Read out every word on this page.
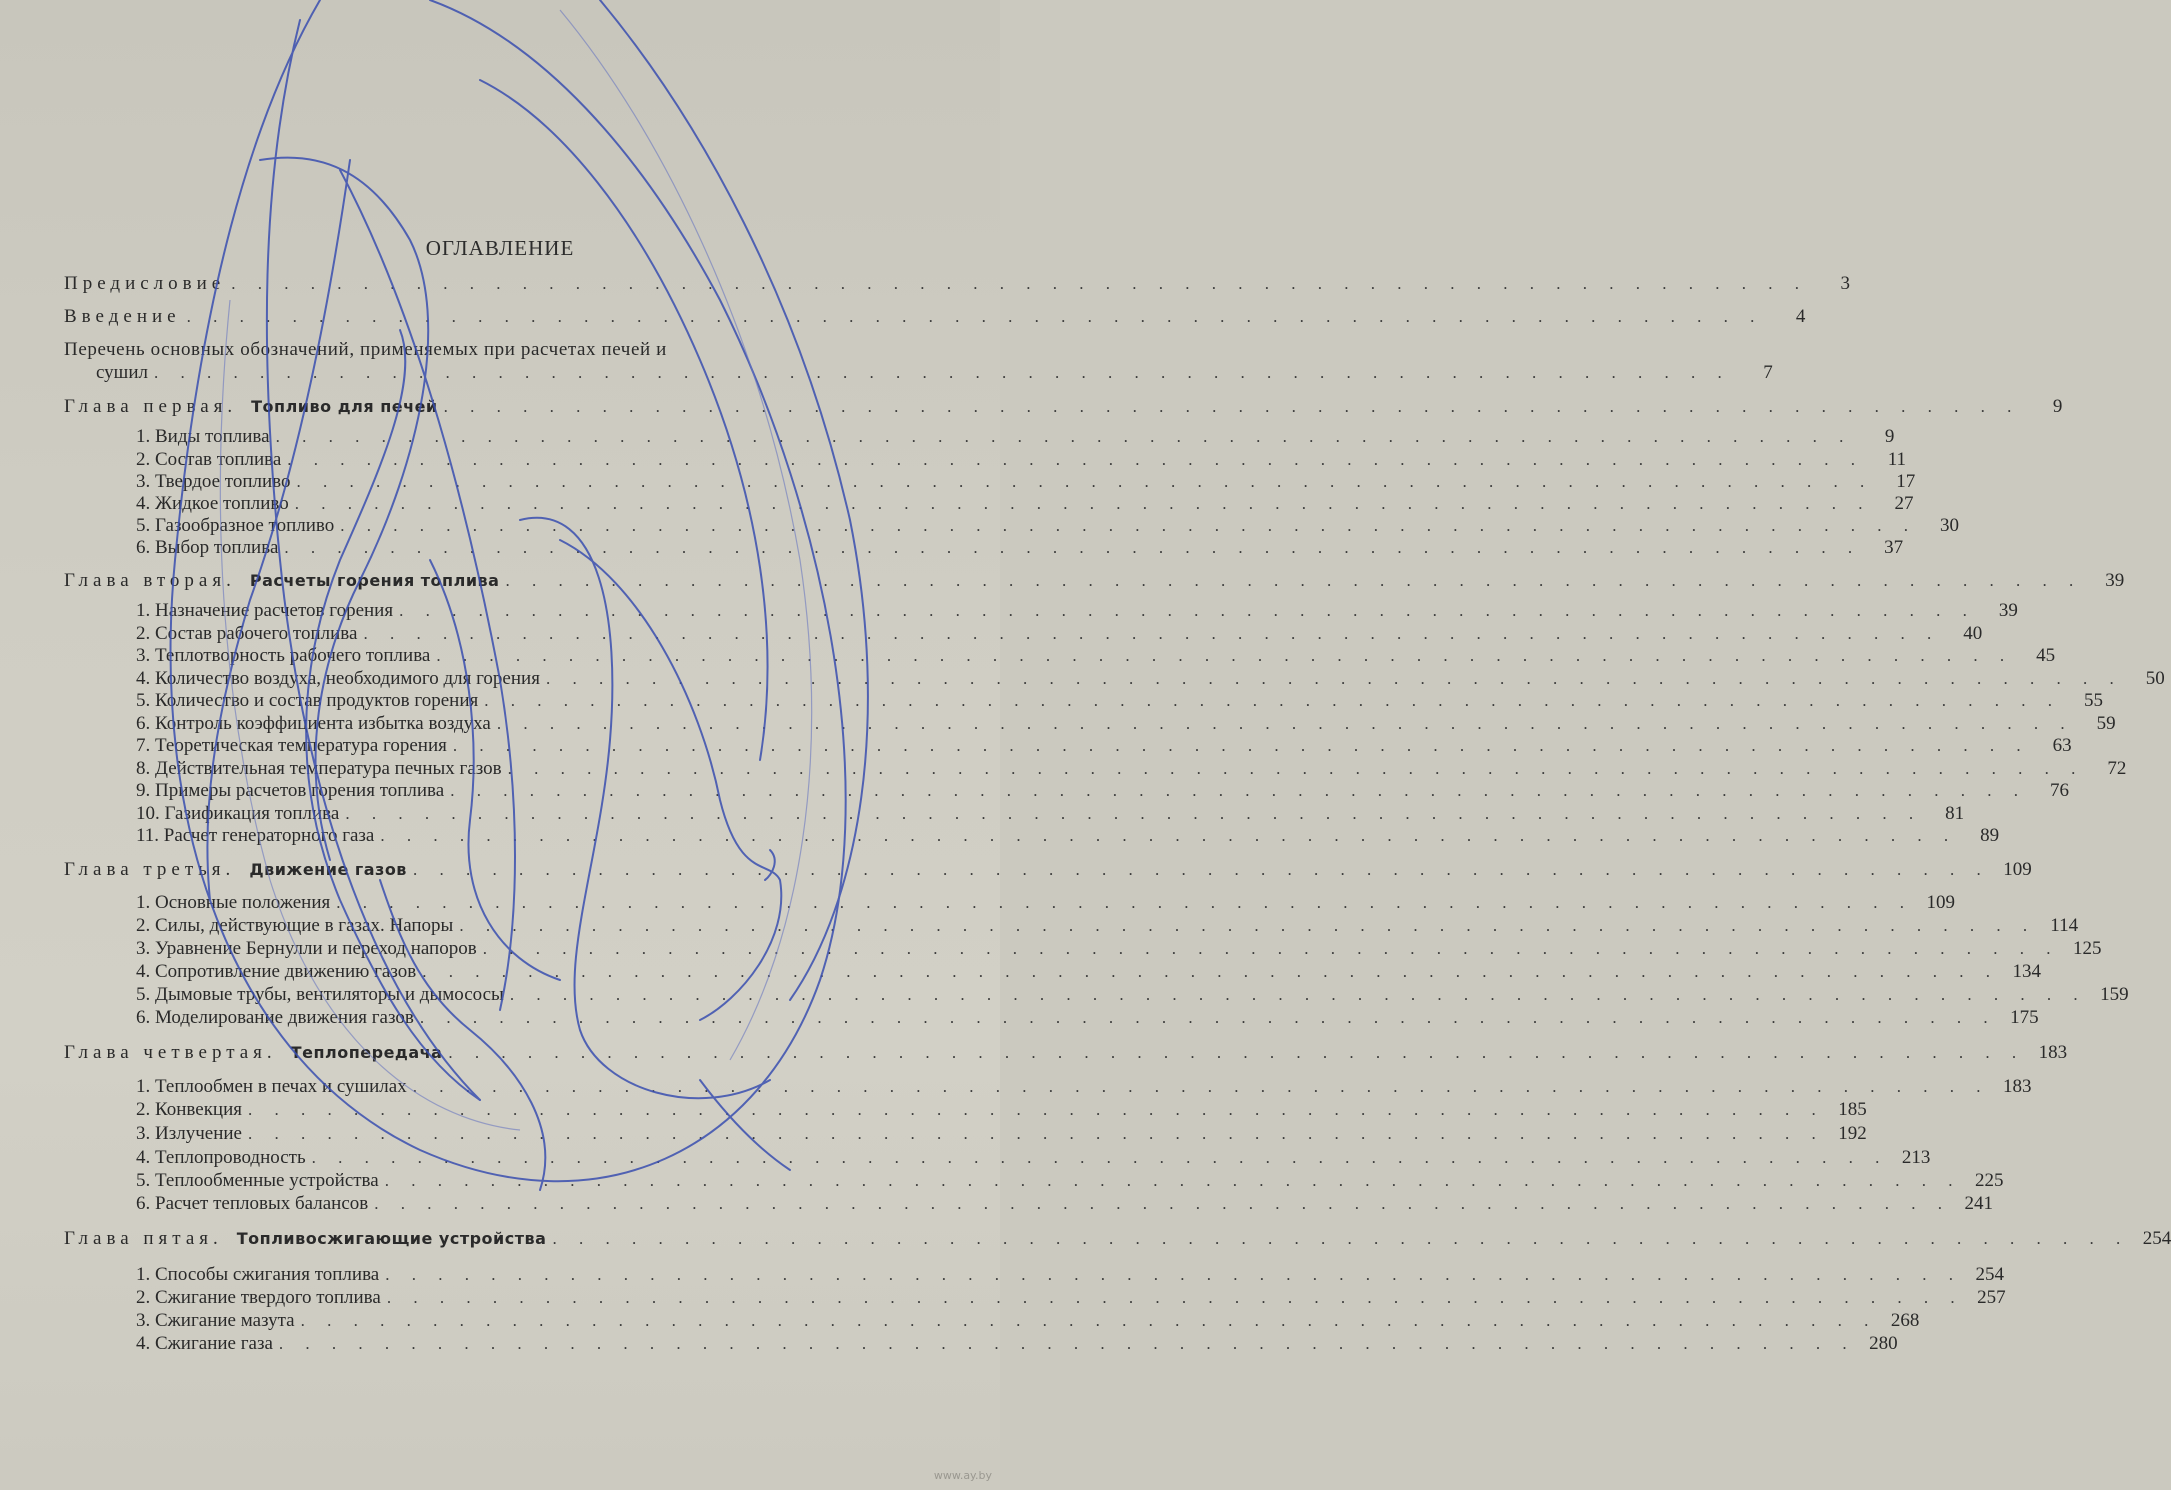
ОГЛАВЛЕНИЕ
Предисловие . . . . . . . . . . . . . . . . . . . . . . . . . . . . . . . . . . . . . . . . . . . . . . . . . . . . . . . . . . . .	3
Введение . . . . . . . . . . . . . . . . . . . . . . . . . . . . . . . . . . . . . . . . . . . . . . . . . . . . . . . . . . . .	4
Перечень основных обозначений, применяемых при расчетах печей и
сушил . . . . . . . . . . . . . . . . . . . . . . . . . . . . . . . . . . . . . . . . . . . . . . . . . . . . . . . . . . . .	7
Глава первая. Топливо для печей . . . . . . . . . . . . . . . . . . . . . . . . . . . . . . . . . . . . . . . . . . . . . . . . . . . . . . . . . . . .	9
1. Виды топлива . . . . . . . . . . . . . . . . . . . . . . . . . . . . . . . . . . . . . . . . . . . . . . . . . . . . . . . . . . . .	9
2. Состав топлива . . . . . . . . . . . . . . . . . . . . . . . . . . . . . . . . . . . . . . . . . . . . . . . . . . . . . . . . . . . .	11
3. Твердое топливо . . . . . . . . . . . . . . . . . . . . . . . . . . . . . . . . . . . . . . . . . . . . . . . . . . . . . . . . . . . .	17
4. Жидкое топливо . . . . . . . . . . . . . . . . . . . . . . . . . . . . . . . . . . . . . . . . . . . . . . . . . . . . . . . . . . . .	27
5. Газообразное топливо . . . . . . . . . . . . . . . . . . . . . . . . . . . . . . . . . . . . . . . . . . . . . . . . . . . . . . . . . . . .	30
6. Выбор топлива . . . . . . . . . . . . . . . . . . . . . . . . . . . . . . . . . . . . . . . . . . . . . . . . . . . . . . . . . . . .	37
Глава вторая. Расчеты горения топлива . . . . . . . . . . . . . . . . . . . . . . . . . . . . . . . . . . . . . . . . . . . . . . . . . . . . . . . . . . . .	39
1. Назначение расчетов горения . . . . . . . . . . . . . . . . . . . . . . . . . . . . . . . . . . . . . . . . . . . . . . . . . . . . . . . . . . . .	39
2. Состав рабочего топлива . . . . . . . . . . . . . . . . . . . . . . . . . . . . . . . . . . . . . . . . . . . . . . . . . . . . . . . . . . . .	40
3. Теплотворность рабочего топлива . . . . . . . . . . . . . . . . . . . . . . . . . . . . . . . . . . . . . . . . . . . . . . . . . . . . . . . . . . . .	45
4. Количество воздуха, необходимого для горения . . . . . . . . . . . . . . . . . . . . . . . . . . . . . . . . . . . . . . . . . . . . . . . . . . . . . . . . . . . .	50
5. Количество и состав продуктов горения . . . . . . . . . . . . . . . . . . . . . . . . . . . . . . . . . . . . . . . . . . . . . . . . . . . . . . . . . . . .	55
6. Контроль коэффициента избытка воздуха . . . . . . . . . . . . . . . . . . . . . . . . . . . . . . . . . . . . . . . . . . . . . . . . . . . . . . . . . . . .	59
7. Теоретическая температура горения . . . . . . . . . . . . . . . . . . . . . . . . . . . . . . . . . . . . . . . . . . . . . . . . . . . . . . . . . . . .	63
8. Действительная температура печных газов . . . . . . . . . . . . . . . . . . . . . . . . . . . . . . . . . . . . . . . . . . . . . . . . . . . . . . . . . . . .	72
9. Примеры расчетов горения топлива . . . . . . . . . . . . . . . . . . . . . . . . . . . . . . . . . . . . . . . . . . . . . . . . . . . . . . . . . . . .	76
10. Газификация топлива . . . . . . . . . . . . . . . . . . . . . . . . . . . . . . . . . . . . . . . . . . . . . . . . . . . . . . . . . . . .	81
11. Расчет генераторного газа . . . . . . . . . . . . . . . . . . . . . . . . . . . . . . . . . . . . . . . . . . . . . . . . . . . . . . . . . . . .	89
Глава третья. Движение газов . . . . . . . . . . . . . . . . . . . . . . . . . . . . . . . . . . . . . . . . . . . . . . . . . . . . . . . . . . . . 109
1. Основные положения . . . . . . . . . . . . . . . . . . . . . . . . . . . . . . . . . . . . . . . . . . . . . . . . . . . . . . . . . . . . 109
2. Силы, действующие в газах. Напоры . . . . . . . . . . . . . . . . . . . . . . . . . . . . . . . . . . . . . . . . . . . . . . . . . . . . . . . . . . . . 114
3. Уравнение Бернулли и переход напоров . . . . . . . . . . . . . . . . . . . . . . . . . . . . . . . . . . . . . . . . . . . . . . . . . . . . . . . . . . . . 125
4. Сопротивление движению газов . . . . . . . . . . . . . . . . . . . . . . . . . . . . . . . . . . . . . . . . . . . . . . . . . . . . . . . . . . . . 134
5. Дымовые трубы, вентиляторы и дымососы . . . . . . . . . . . . . . . . . . . . . . . . . . . . . . . . . . . . . . . . . . . . . . . . . . . . . . . . . . . . 159
6. Моделирование движения газов . . . . . . . . . . . . . . . . . . . . . . . . . . . . . . . . . . . . . . . . . . . . . . . . . . . . . . . . . . . . 175
Глава четвертая. Теплопередача . . . . . . . . . . . . . . . . . . . . . . . . . . . . . . . . . . . . . . . . . . . . . . . . . . . . . . . . . . . . 183
1. Теплообмен в печах и сушилах . . . . . . . . . . . . . . . . . . . . . . . . . . . . . . . . . . . . . . . . . . . . . . . . . . . . . . . . . . . . 183
2. Конвекция . . . . . . . . . . . . . . . . . . . . . . . . . . . . . . . . . . . . . . . . . . . . . . . . . . . . . . . . . . . . 185
3. Излучение . . . . . . . . . . . . . . . . . . . . . . . . . . . . . . . . . . . . . . . . . . . . . . . . . . . . . . . . . . . . 192
4. Теплопроводность . . . . . . . . . . . . . . . . . . . . . . . . . . . . . . . . . . . . . . . . . . . . . . . . . . . . . . . . . . . . 213
5. Теплообменные устройства . . . . . . . . . . . . . . . . . . . . . . . . . . . . . . . . . . . . . . . . . . . . . . . . . . . . . . . . . . . . 225
6. Расчет тепловых балансов . . . . . . . . . . . . . . . . . . . . . . . . . . . . . . . . . . . . . . . . . . . . . . . . . . . . . . . . . . . . 241
Глава пятая. Топливосжигающие устройства . . . . . . . . . . . . . . . . . . . . . . . . . . . . . . . . . . . . . . . . . . . . . . . . . . . . . . . . . . . . 254
1. Способы сжигания топлива . . . . . . . . . . . . . . . . . . . . . . . . . . . . . . . . . . . . . . . . . . . . . . . . . . . . . . . . . . . . 254
2. Сжигание твердого топлива . . . . . . . . . . . . . . . . . . . . . . . . . . . . . . . . . . . . . . . . . . . . . . . . . . . . . . . . . . . . 257
3. Сжигание мазута . . . . . . . . . . . . . . . . . . . . . . . . . . . . . . . . . . . . . . . . . . . . . . . . . . . . . . . . . . . . 268
4. Сжигание газа . . . . . . . . . . . . . . . . . . . . . . . . . . . . . . . . . . . . . . . . . . . . . . . . . . . . . . . . . . . . 280
www.ay.by
